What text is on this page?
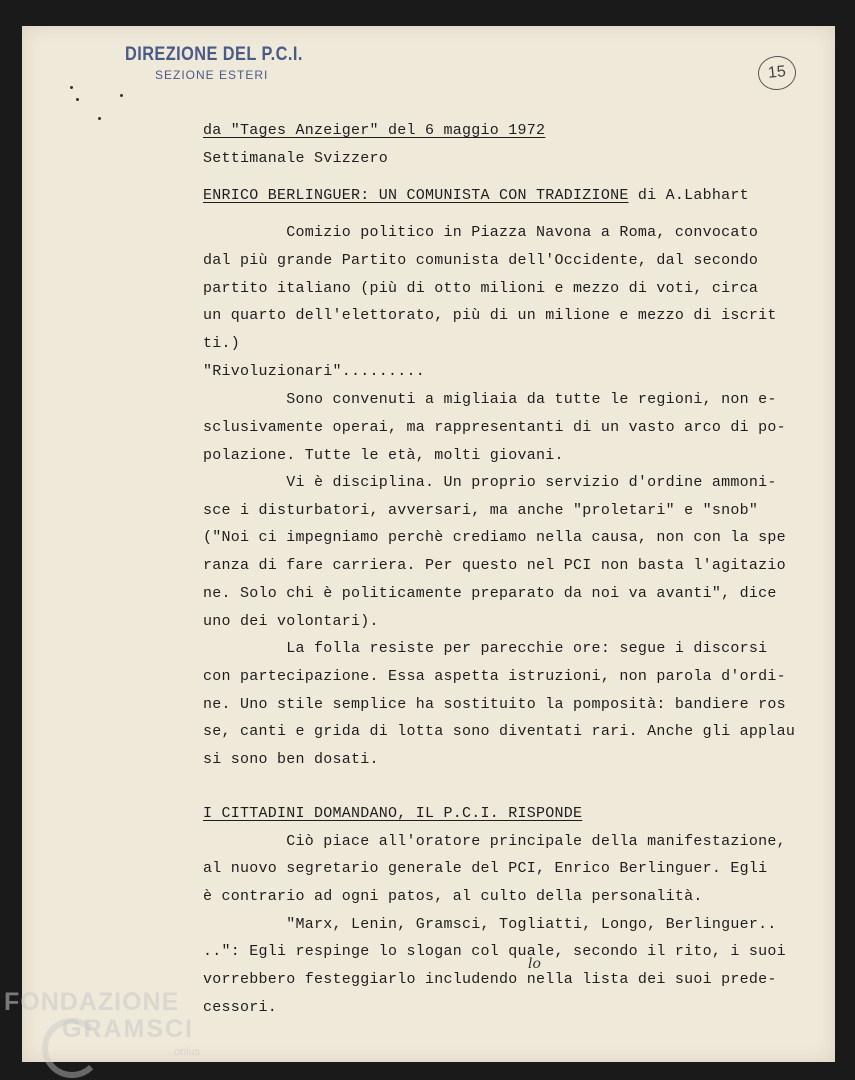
DIREZIONE DEL P.C.I.
SEZIONE ESTERI	15
da "Tages Anzeiger" del 6 maggio 1972
Settimanale Svizzero
ENRICO BERLINGUER: UN COMUNISTA CON TRADIZIONE di A.Labhart
Comizio politico in Piazza Navona a Roma, convocato
dal più grande Partito comunista dell'Occidente, dal secondo
partito italiano (più di otto milioni e mezzo di voti, circa
un quarto dell'elettorato, più di un milione e mezzo di iscrit
ti.)
"Rivoluzionari".........
Sono convenuti a migliaia da tutte le regioni, non e-
sclusivamente operai, ma rappresentanti di un vasto arco di po-
polazione. Tutte le età, molti giovani.
Vi è disciplina. Un proprio servizio d'ordine ammoni-
sce i disturbatori, avversari, ma anche "proletari" e "snob"
("Noi ci impegniamo perchè crediamo nella causa, non con la spe
ranza di fare carriera. Per questo nel PCI non basta l'agitazio
ne. Solo chi è politicamente preparato da noi va avanti", dice
uno dei volontari).
La folla resiste per parecchie ore: segue i discorsi
con partecipazione. Essa aspetta istruzioni, non parola d'ordi-
ne. Uno stile semplice ha sostituito la pomposità: bandiere ros
se, canti e grida di lotta sono diventati rari. Anche gli applau
si sono ben dosati.
I CITTADINI DOMANDANO, IL P.C.I. RISPONDE
Ciò piace all'oratore principale della manifestazione,
al nuovo segretario generale del PCI, Enrico Berlinguer. Egli
è contrario ad ogni patos, al culto della personalità.
"Marx, Lenin, Gramsci, Togliatti, Longo, Berlinguer..
..": Egli respinge lo slogan col quale, secondo il rito, i suoi
vorrebbero festeggiarlo includendo nella lista dei suoi prede-
cessori.
lo
FONDAZIONE
GRAMSCI
onlus
